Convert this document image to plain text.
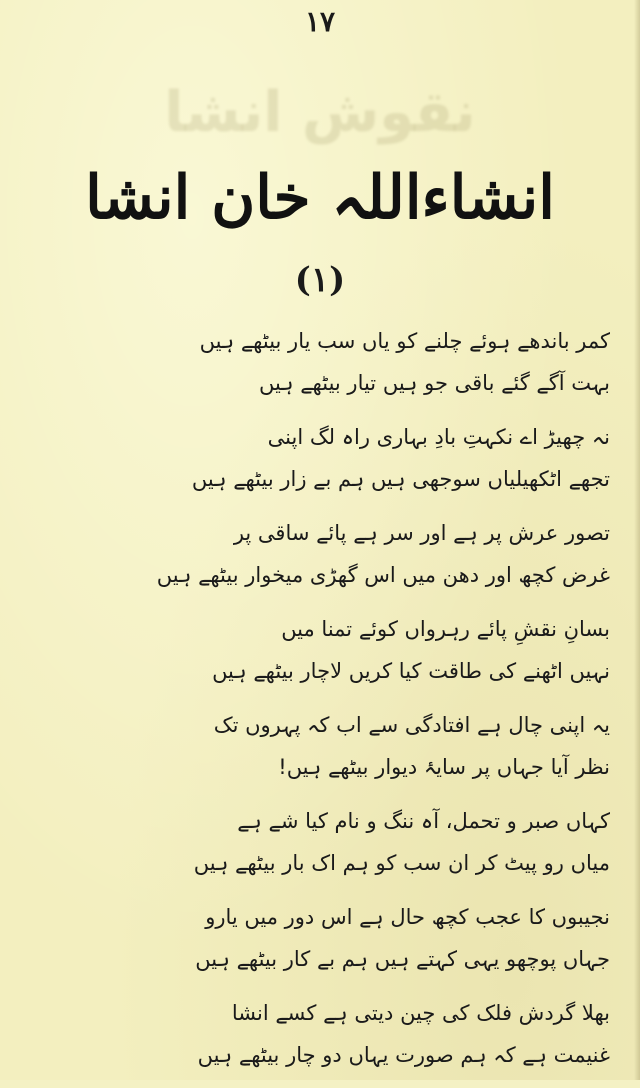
۱۷
نقوش انشا
انشاءاللہ خان انشا
(۱)
کمر باندھے ہوئے چلنے کو یاں سب یار بیٹھے ہیں
بہت آگے گئے باقی جو ہیں تیار بیٹھے ہیں
نہ چھیڑ اے نکہتِ بادِ بہاری راہ لگ اپنی
تجھے اٹکھیلیاں سوجھی ہیں ہم بے زار بیٹھے ہیں
تصور عرش پر ہے اور سر ہے پائے ساقی پر
غرض کچھ اور دھن میں اس گھڑی میخوار بیٹھے ہیں
بسانِ نقشِ پائے رہرواں کوئے تمنا میں
نہیں اٹھنے کی طاقت کیا کریں لاچار بیٹھے ہیں
یہ اپنی چال ہے افتادگی سے اب کہ پہروں تک
نظر آیا جہاں پر سایۂ دیوار بیٹھے ہیں!
کہاں صبر و تحمل، آہ ننگ و نام کیا شے ہے
میاں رو پیٹ کر ان سب کو ہم اک بار بیٹھے ہیں
نجیبوں کا عجب کچھ حال ہے اس دور میں یارو
جہاں پوچھو یہی کہتے ہیں ہم بے کار بیٹھے ہیں
بھلا گردش فلک کی چین دیتی ہے کسے انشا
غنیمت ہے کہ ہم صورت یہاں دو چار بیٹھے ہیں
